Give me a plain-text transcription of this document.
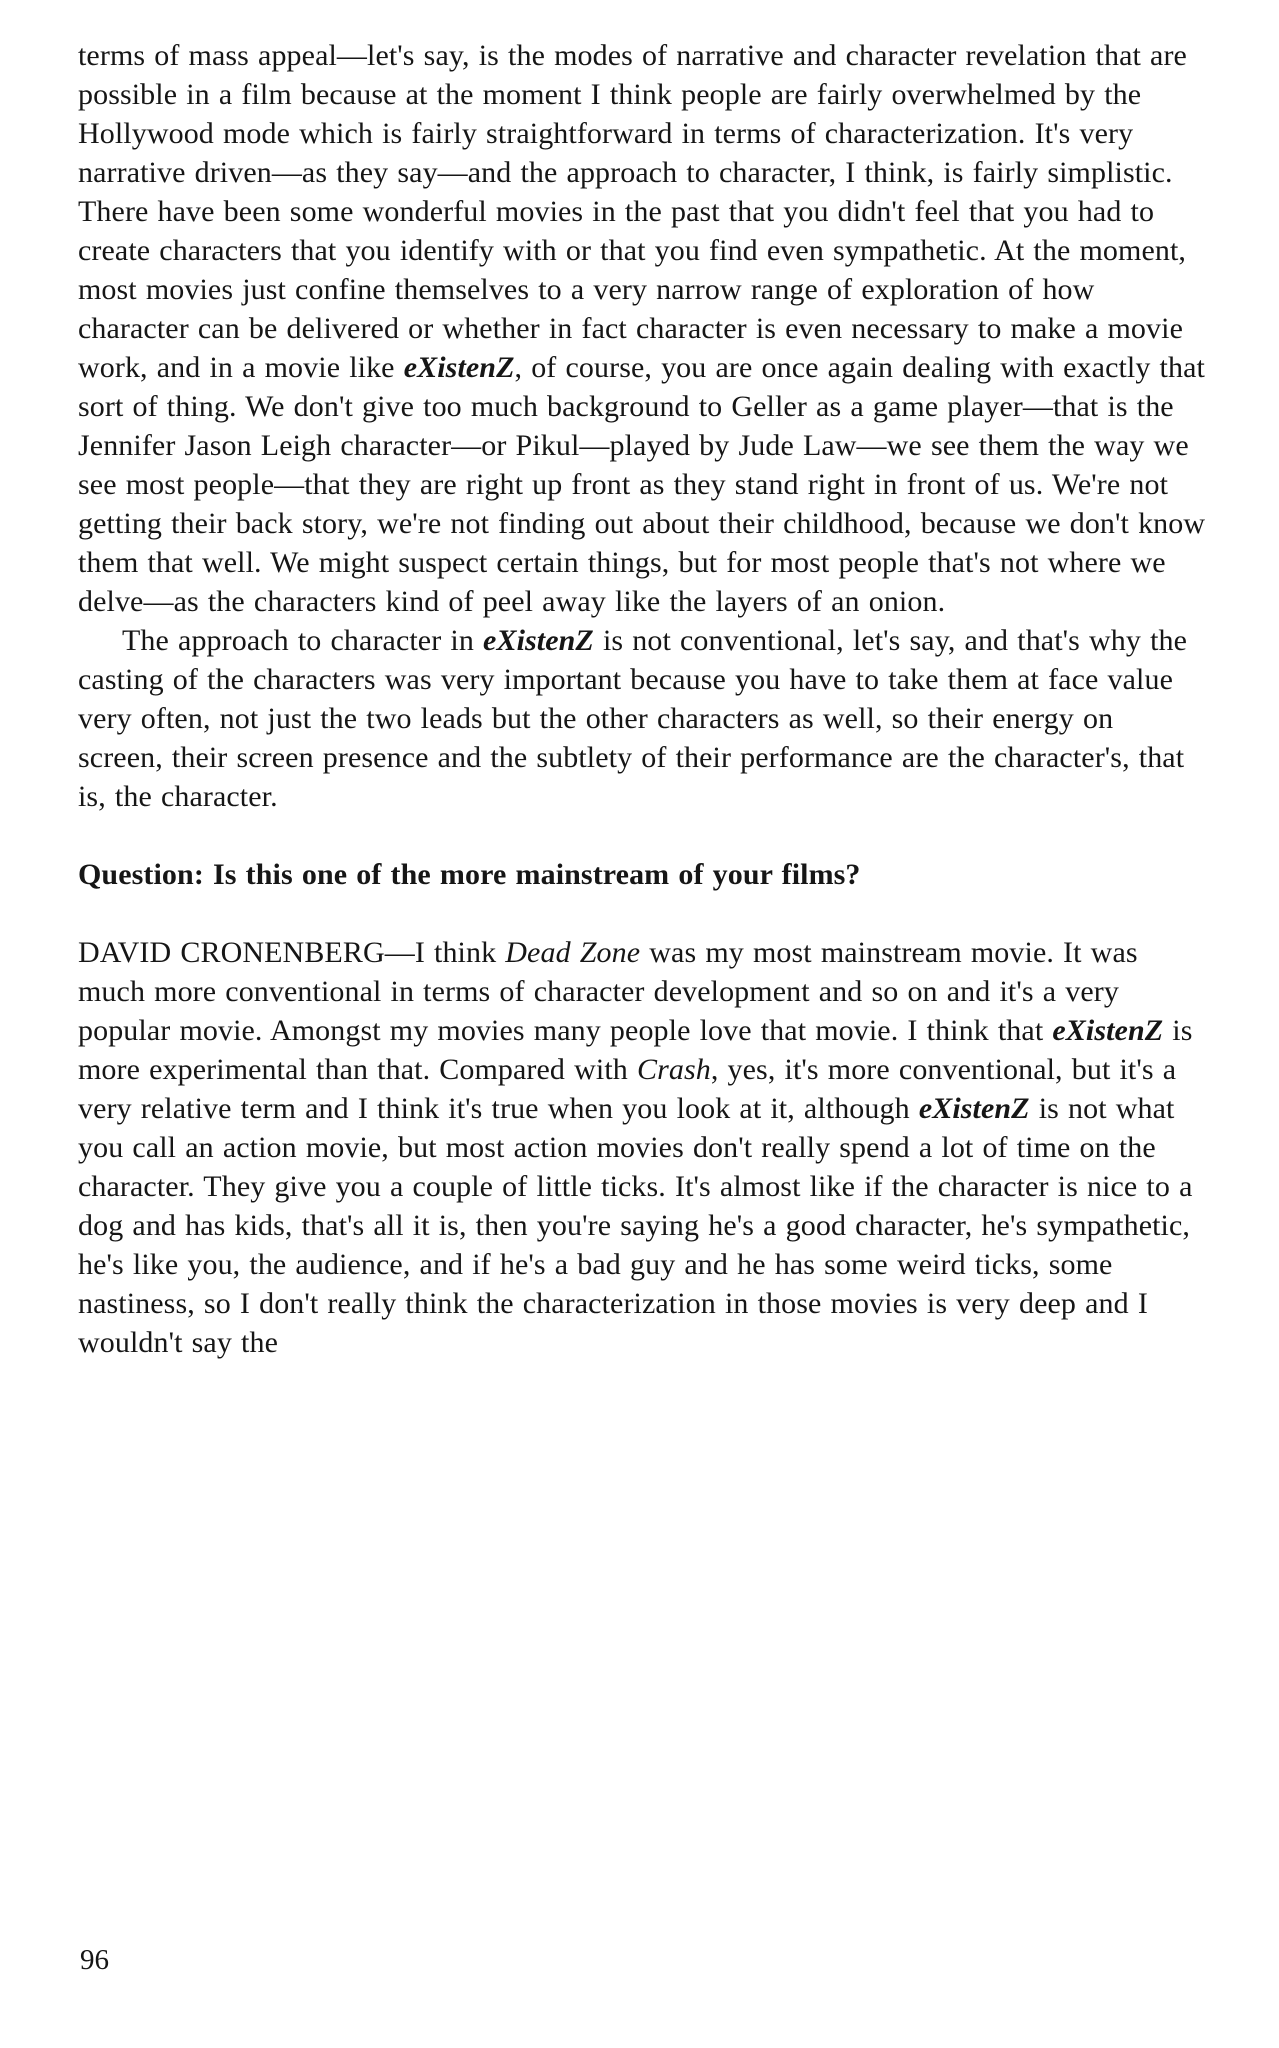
terms of mass appeal—let's say, is the modes of narrative and character revelation that are possible in a film because at the moment I think people are fairly overwhelmed by the Hollywood mode which is fairly straightforward in terms of characterization. It's very narrative driven—as they say—and the approach to character, I think, is fairly simplistic. There have been some wonderful movies in the past that you didn't feel that you had to create characters that you identify with or that you find even sympathetic. At the moment, most movies just confine themselves to a very narrow range of exploration of how character can be delivered or whether in fact character is even necessary to make a movie work, and in a movie like eXistenZ, of course, you are once again dealing with exactly that sort of thing. We don't give too much background to Geller as a game player—that is the Jennifer Jason Leigh character—or Pikul—played by Jude Law—we see them the way we see most people—that they are right up front as they stand right in front of us. We're not getting their back story, we're not finding out about their childhood, because we don't know them that well. We might suspect certain things, but for most people that's not where we delve—as the characters kind of peel away like the layers of an onion.

The approach to character in eXistenZ is not conventional, let's say, and that's why the casting of the characters was very important because you have to take them at face value very often, not just the two leads but the other characters as well, so their energy on screen, their screen presence and the subtlety of their performance are the character's, that is, the character.

Question: Is this one of the more mainstream of your films?

DAVID CRONENBERG—I think Dead Zone was my most mainstream movie. It was much more conventional in terms of character development and so on and it's a very popular movie. Amongst my movies many people love that movie. I think that eXistenZ is more experimental than that. Compared with Crash, yes, it's more conventional, but it's a very relative term and I think it's true when you look at it, although eXistenZ is not what you call an action movie, but most action movies don't really spend a lot of time on the character. They give you a couple of little ticks. It's almost like if the character is nice to a dog and has kids, that's all it is, then you're saying he's a good character, he's sympathetic, he's like you, the audience, and if he's a bad guy and he has some weird ticks, some nastiness, so I don't really think the characterization in those movies is very deep and I wouldn't say the

96
